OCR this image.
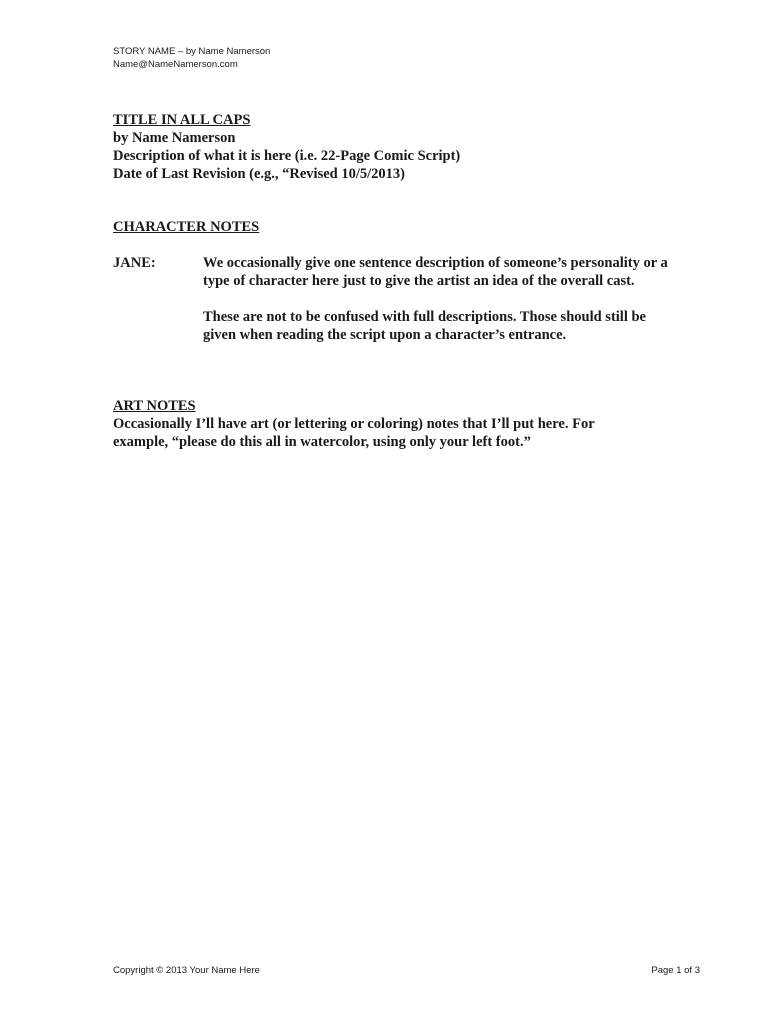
STORY NAME – by Name Namerson
Name@NameNamerson.com
TITLE IN ALL CAPS
by Name Namerson
Description of what it is here (i.e. 22-Page Comic Script)
Date of Last Revision (e.g., “Revised 10/5/2013)
CHARACTER NOTES
JANE:	We occasionally give one sentence description of someone’s personality or a type of character here just to give the artist an idea of the overall cast.

These are not to be confused with full descriptions. Those should still be given when reading the script upon a character’s entrance.

ART NOTES

Occasionally I’ll have art (or lettering or coloring) notes that I’ll put here. For example, “please do this all in watercolor, using only your left foot.”

Copyright © 2013 Your Name Here	Page 1 of 3
